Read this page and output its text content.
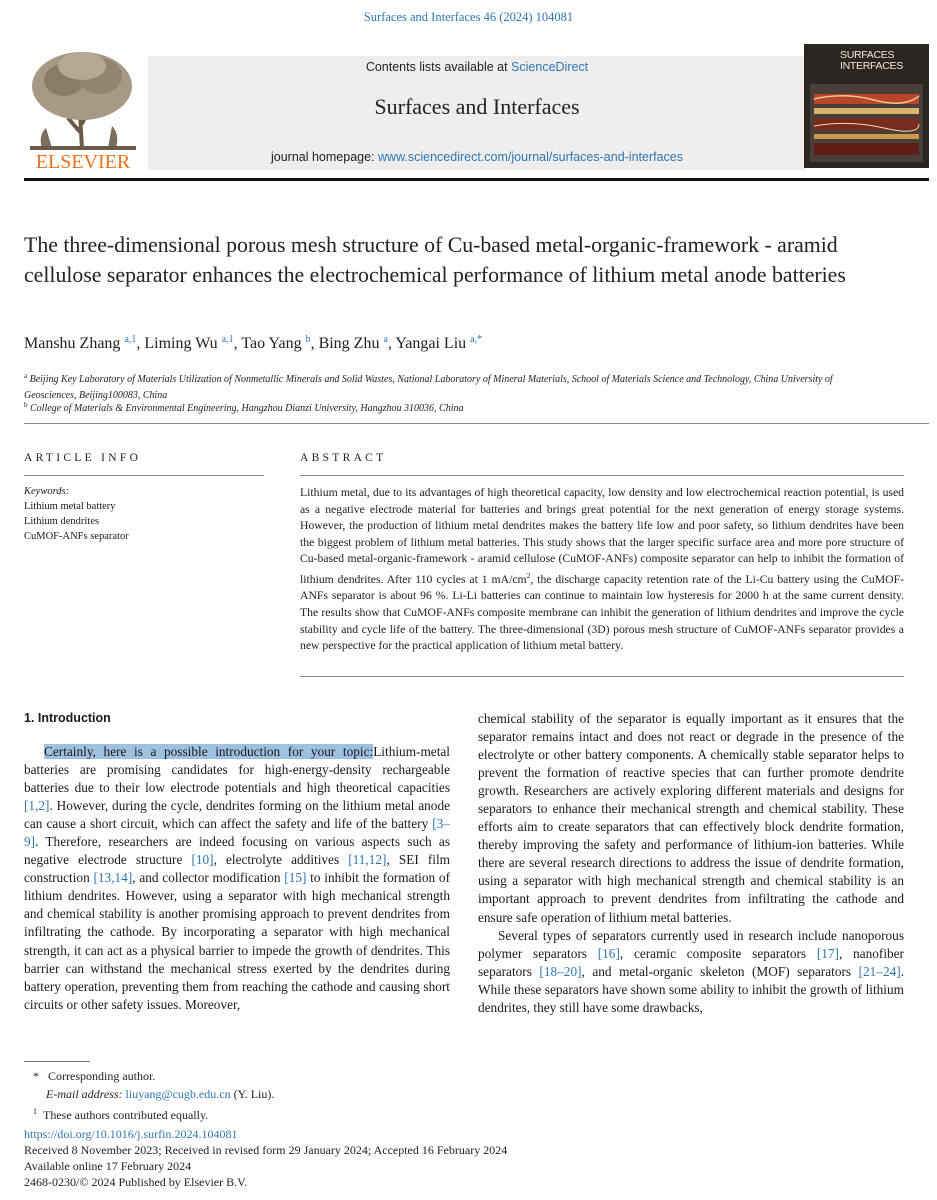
Surfaces and Interfaces 46 (2024) 104081
ELSEVIER
Contents lists available at ScienceDirect
Surfaces and Interfaces
journal homepage: www.sciencedirect.com/journal/surfaces-and-interfaces
SURFACES
INTERFACES
The three-dimensional porous mesh structure of Cu-based metal-organic-framework - aramid cellulose separator enhances the electrochemical performance of lithium metal anode batteries
Manshu Zhang $^{a,1}$, Liming Wu $^{a,1}$, Tao Yang $^b$, Bing Zhu $^a$, Yangai Liu $^{a,*}$
$^a$ Beijing Key Laboratory of Materials Utilization of Nonmetallic Minerals and Solid Wastes, National Laboratory of Mineral Materials, School of Materials Science and Technology, China University of Geosciences, Beijing100083, China
$^b$ College of Materials & Environmental Engineering, Hangzhou Dianzi University, Hangzhou 310036, China
ARTICLE INFO	ABSTRACT
Keywords:
Lithium metal battery
Lithium dendrites
CuMOF-ANFs separator
Lithium metal, due to its advantages of high theoretical capacity, low density and low electrochemical reaction potential, is used as a negative electrode material for batteries and brings great potential for the next generation of energy storage systems. However, the production of lithium metal dendrites makes the battery life low and poor safety, so lithium dendrites have been the biggest problem of lithium metal batteries. This study shows that the larger specific surface area and more pore structure of Cu-based metal-organic-framework - aramid cellulose (CuMOF-ANFs) composite separator can help to inhibit the formation of lithium dendrites. After 110 cycles at 1 $mA/cm^2$, the discharge capacity retention rate of the Li-Cu battery using the CuMOF-ANFs separator is about 96 %. Li-Li batteries can continue to maintain low hysteresis for 2000 h at the same current density. The results show that CuMOF-ANFs composite membrane can inhibit the generation of lithium dendrites and improve the cycle stability and cycle life of the battery. The three-dimensional (3D) porous mesh structure of CuMOF-ANFs separator provides a new perspective for the practical application of lithium metal battery.
1. Introduction

Certainly, here is a possible introduction for your topic:Lithium-metal batteries are promising candidates for high-energy-density rechargeable batteries due to their low electrode potentials and high theoretical capacities [1,2]. However, during the cycle, dendrites forming on the lithium metal anode can cause a short circuit, which can affect the safety and life of the battery [3–9]. Therefore, researchers are indeed focusing on various aspects such as negative electrode structure [10], electrolyte additives [11,12], SEI film construction [13,14], and collector modification [15] to inhibit the formation of lithium dendrites. However, using a separator with high mechanical strength and chemical stability is another promising approach to prevent dendrites from infiltrating the cathode. By incorporating a separator with high mechanical strength, it can act as a physical barrier to impede the growth of dendrites. This barrier can withstand the mechanical stress exerted by the dendrites during battery operation, preventing them from reaching the cathode and causing short circuits or other safety issues. Moreover,

chemical stability of the separator is equally important as it ensures that the separator remains intact and does not react or degrade in the presence of the electrolyte or other battery components. A chemically stable separator helps to prevent the formation of reactive species that can further promote dendrite growth. Researchers are actively exploring different materials and designs for separators to enhance their mechanical strength and chemical stability. These efforts aim to create separators that can effectively block dendrite formation, thereby improving the safety and performance of lithium-ion batteries. While there are several research directions to address the issue of dendrite formation, using a separator with high mechanical strength and chemical stability is an important approach to prevent dendrites from infiltrating the cathode and ensure safe operation of lithium metal batteries.

Several types of separators currently used in research include nanoporous polymer separators [16], ceramic composite separators [17], nanofiber separators [18–20], and metal-organic skeleton (MOF) separators [21–24]. While these separators have shown some ability to inhibit the growth of lithium dendrites, they still have some drawbacks,

*   Corresponding author.
E-mail address: liuyang@cugb.edu.cn (Y. Liu).
$^1$ These authors contributed equally.
https://doi.org/10.1016/j.surfin.2024.104081
Received 8 November 2023; Received in revised form 29 January 2024; Accepted 16 February 2024
Available online 17 February 2024
2468-0230/© 2024 Published by Elsevier B.V.
